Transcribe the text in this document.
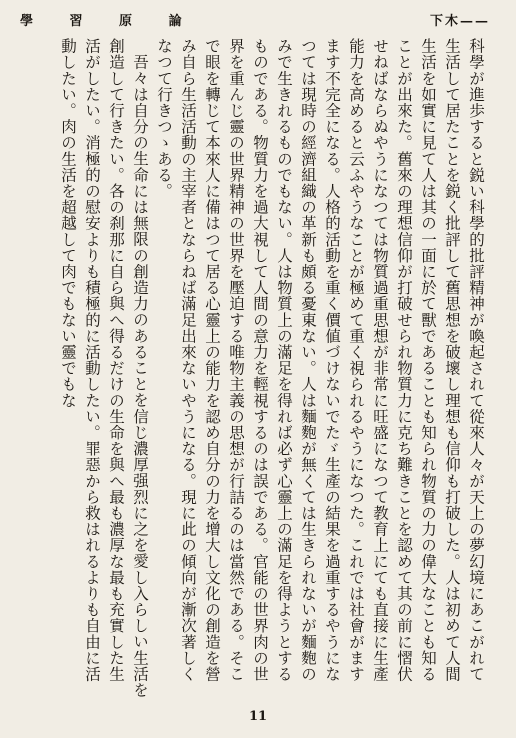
學 習 原 論	下木——

科學が進歩すると鋭い科學的批評精神が喚起されて從來人々が天上の夢幻境にあこがれて生活して居たことを鋭く批評して舊思想を破壞し理想も信仰も打破した。人は初めて人間生活を如實に見て人は其の一面に於て獸であることも知られ物質の力の偉大なことも知ることが出來た。舊來の理想信仰が打破せられ物質力に克ち難きことを認めて其の前に慴伏せねばならぬやうになつては物質過重思想が非常に旺盛になつて教育上にても直接に生產能力を高めると云ふやうなことが極めて重く視られるやうになつた。これでは社會がますます不完全になる。人格的活動を重く價値づけないでたゞ生產の結果を過重するやうになつては現時の經濟組織の革新も頗る憂東ない。人は麵麭が無くては生きられないが麵麭のみで生きれるものでもない。人は物質上の滿足を得れば必ず心靈上の滿足を得ようとするものである。物質力を過大視して人間の意力を輕視するのは誤である。官能の世界肉の世界を重んじ靈の世界精神の世界を壓迫する唯物主義の思想が行詰るのは當然である。そこで眼を轉じて本來人に備はつて居る心靈上の能力を認め自分の力を增大し文化の創造を營み自ら生活活動の主宰者とならねば滿足出來ないやうになる。現に此の傾向が漸次著しくなつて行きつゝある。

吾々は自分の生命には無限の創造力のあることを信じ濃厚强烈に之を愛し入らしい生活を創造して行きたい。各の刹那に自ら與へ得るだけの生命を與へ最も濃厚な最も充實した生活がしたい。消極的の慰安よりも積極的に活動したい。罪惡から救はれるよりも自由に活動したい。肉の生活を超越して肉でもない靈でもな

11
